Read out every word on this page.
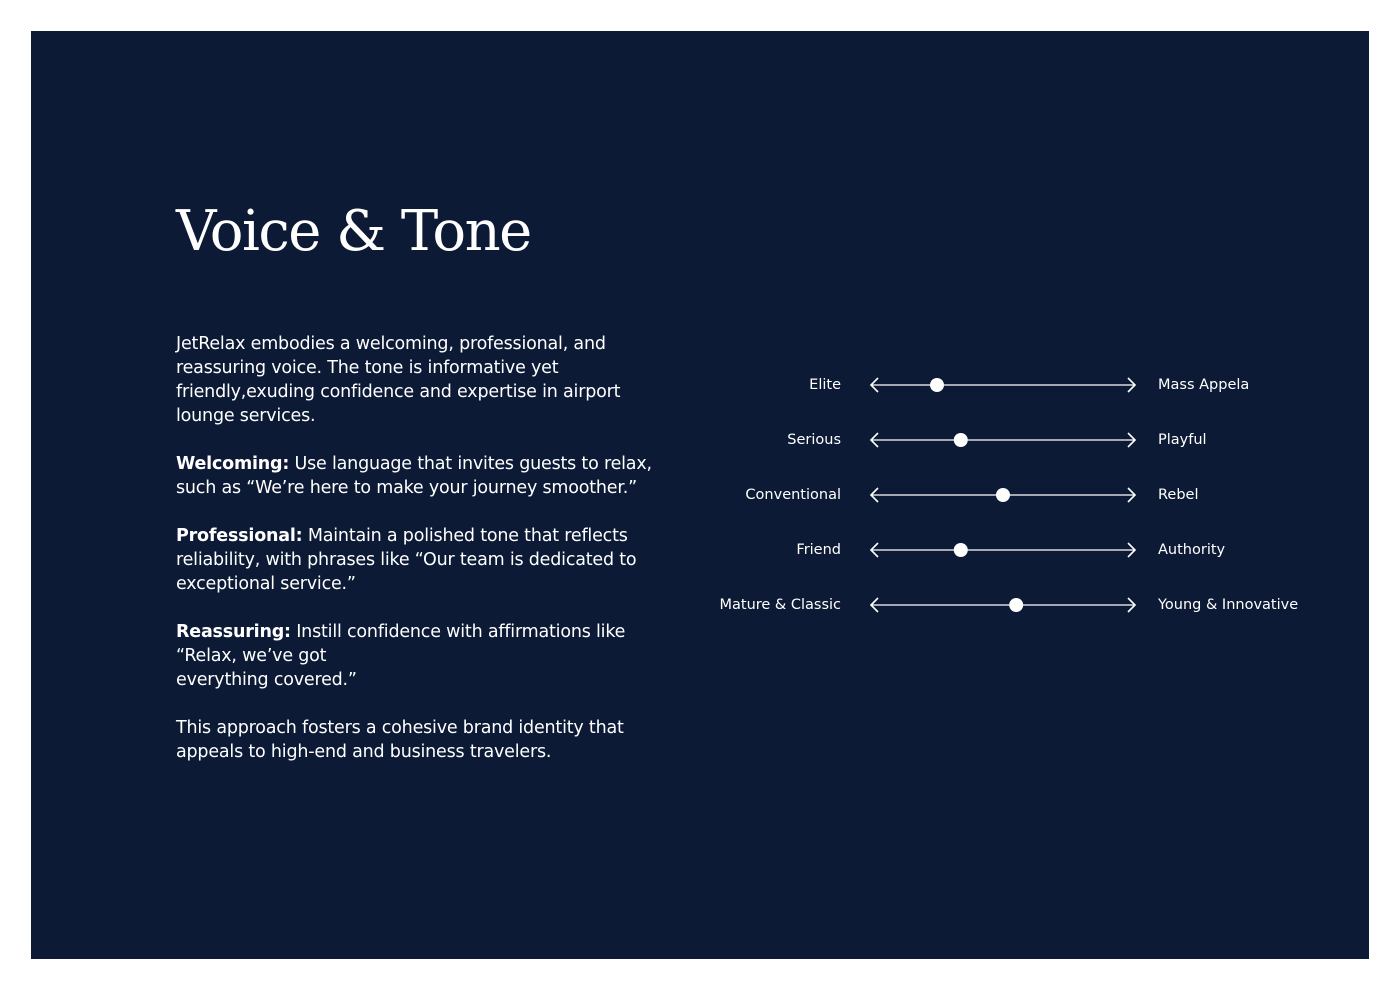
Voice & Tone

JetRelax embodies a welcoming, professional, and reassuring voice. The tone is informative yet friendly,exuding confidence and expertise in airport lounge services.

Welcoming: Use language that invites guests to relax, such as “We’re here to make your journey smoother.”

Professional: Maintain a polished tone that reflects reliability, with phrases like “Our team is dedicated to exceptional service.”

Reassuring: Instill confidence with affirmations like “Relax, we’ve got
everything covered.”

This approach fosters a cohesive brand identity that appeals to high-end and business travelers.

Elite	Mass Appela
Serious	Playful
Conventional	Rebel
Friend	Authority
Mature & Classic	Young & Innovative
